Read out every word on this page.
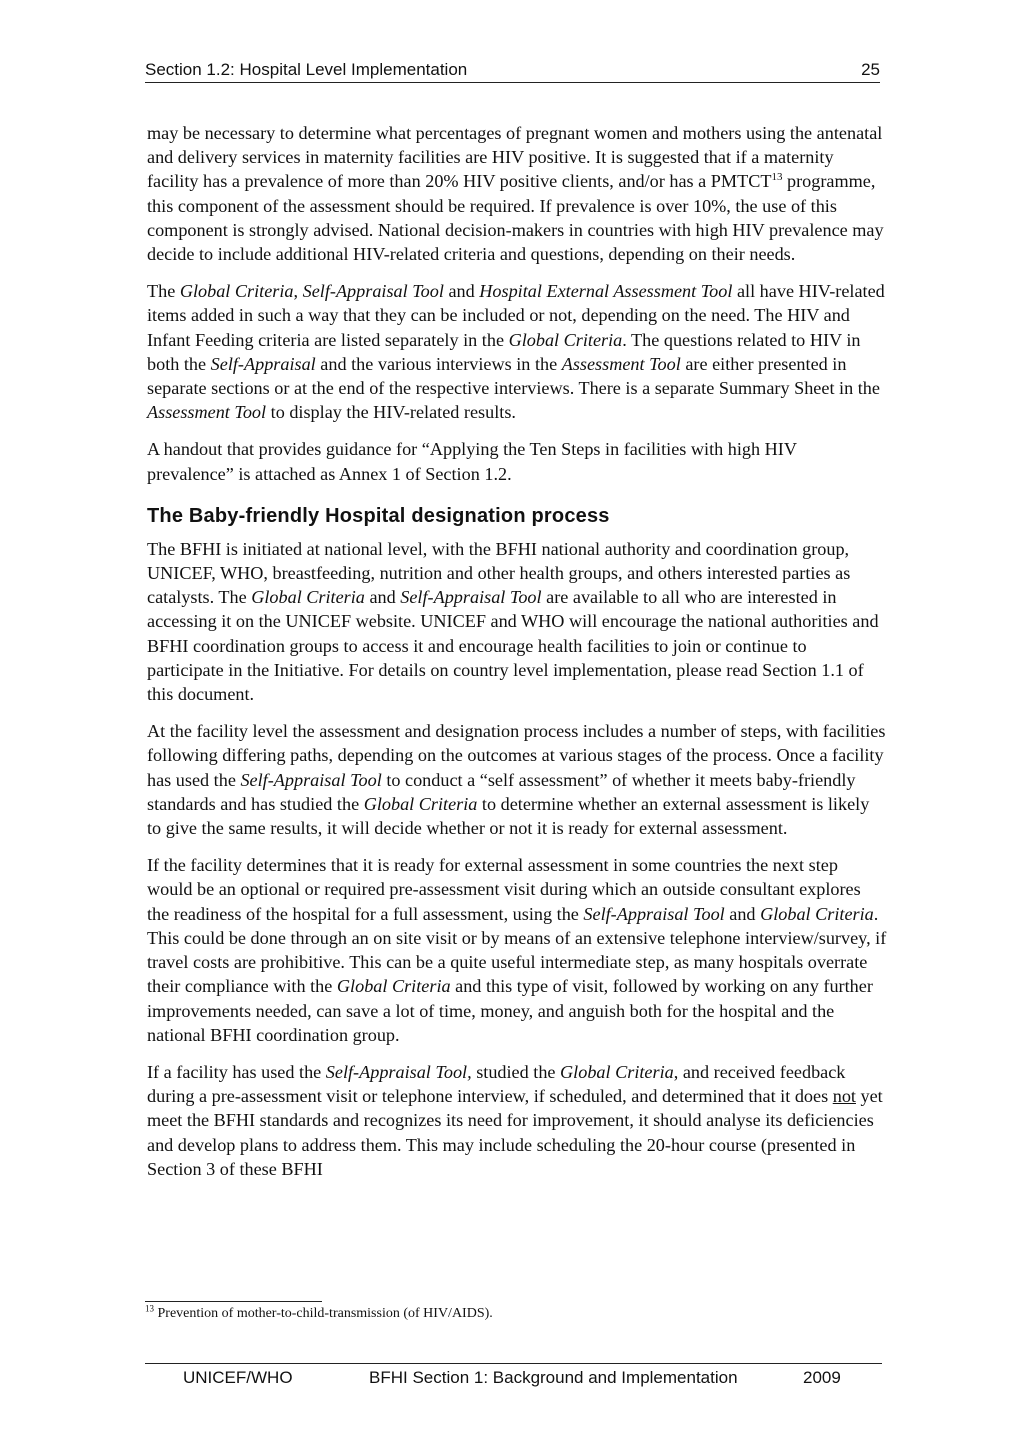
Section 1.2: Hospital Level Implementation	25

may be necessary to determine what percentages of pregnant women and mothers using the antenatal and delivery services in maternity facilities are HIV positive. It is suggested that if a maternity facility has a prevalence of more than 20% HIV positive clients, and/or has a PMTCT$^{13}$ programme, this component of the assessment should be required. If prevalence is over 10%, the use of this component is strongly advised. National decision-makers in countries with high HIV prevalence may decide to include additional HIV-related criteria and questions, depending on their needs.

The Global Criteria, Self-Appraisal Tool and Hospital External Assessment Tool all have HIV-related items added in such a way that they can be included or not, depending on the need. The HIV and Infant Feeding criteria are listed separately in the Global Criteria. The questions related to HIV in both the Self-Appraisal and the various interviews in the Assessment Tool are either presented in separate sections or at the end of the respective interviews. There is a separate Summary Sheet in the Assessment Tool to display the HIV-related results.

A handout that provides guidance for “Applying the Ten Steps in facilities with high HIV prevalence” is attached as Annex 1 of Section 1.2.

The Baby-friendly Hospital designation process

The BFHI is initiated at national level, with the BFHI national authority and coordination group, UNICEF, WHO, breastfeeding, nutrition and other health groups, and others interested parties as catalysts. The Global Criteria and Self-Appraisal Tool are available to all who are interested in accessing it on the UNICEF website. UNICEF and WHO will encourage the national authorities and BFHI coordination groups to access it and encourage health facilities to join or continue to participate in the Initiative. For details on country level implementation, please read Section 1.1 of this document.

At the facility level the assessment and designation process includes a number of steps, with facilities following differing paths, depending on the outcomes at various stages of the process. Once a facility has used the Self-Appraisal Tool to conduct a “self assessment” of whether it meets baby-friendly standards and has studied the Global Criteria to determine whether an external assessment is likely to give the same results, it will decide whether or not it is ready for external assessment.

If the facility determines that it is ready for external assessment in some countries the next step would be an optional or required pre-assessment visit during which an outside consultant explores the readiness of the hospital for a full assessment, using the Self-Appraisal Tool and Global Criteria. This could be done through an on site visit or by means of an extensive telephone interview/survey, if travel costs are prohibitive. This can be a quite useful intermediate step, as many hospitals overrate their compliance with the Global Criteria and this type of visit, followed by working on any further improvements needed, can save a lot of time, money, and anguish both for the hospital and the national BFHI coordination group.

If a facility has used the Self-Appraisal Tool, studied the Global Criteria, and received feedback during a pre-assessment visit or telephone interview, if scheduled, and determined that it does not yet meet the BFHI standards and recognizes its need for improvement, it should analyse its deficiencies and develop plans to address them. This may include scheduling the 20-hour course (presented in Section 3 of these BFHI

$^{13}$ Prevention of mother-to-child-transmission (of HIV/AIDS).
UNICEF/WHO	BFHI Section 1: Background and Implementation	2009
